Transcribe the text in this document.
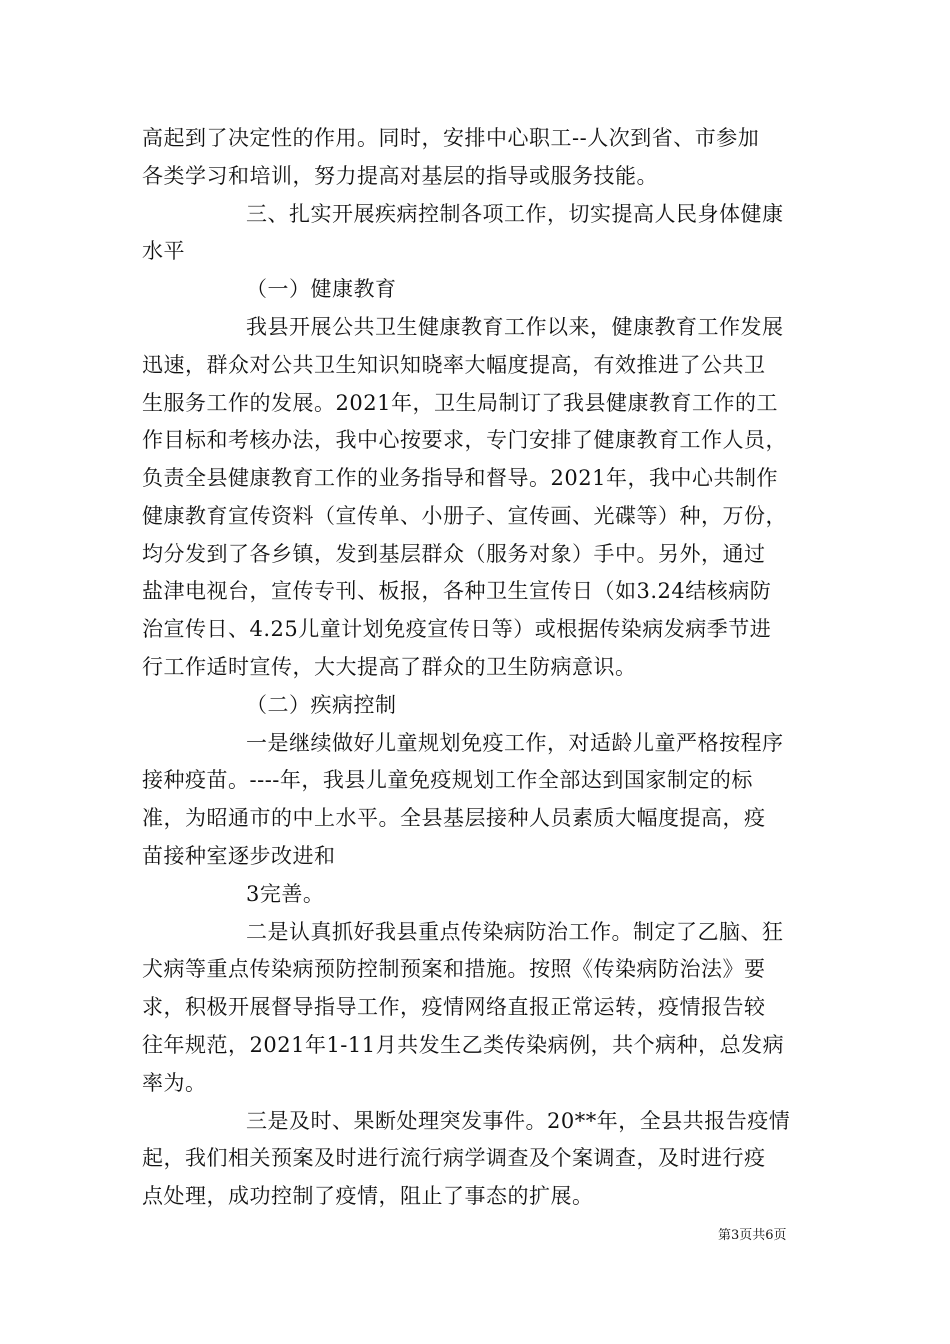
高起到了决定性的作用。同时，安排中心职工--人次到省、市参加
各类学习和培训，努力提高对基层的指导或服务技能。
三、扎实开展疾病控制各项工作，切实提高人民身体健康
水平
（一）健康教育
我县开展公共卫生健康教育工作以来，健康教育工作发展
迅速，群众对公共卫生知识知晓率大幅度提高，有效推进了公共卫
生服务工作的发展。2021年，卫生局制订了我县健康教育工作的工
作目标和考核办法，我中心按要求，专门安排了健康教育工作人员，
负责全县健康教育工作的业务指导和督导。2021年，我中心共制作
健康教育宣传资料（宣传单、小册子、宣传画、光碟等）种，万份，
均分发到了各乡镇，发到基层群众（服务对象）手中。另外，通过
盐津电视台，宣传专刊、板报，各种卫生宣传日（如3.24结核病防
治宣传日、4.25儿童计划免疫宣传日等）或根据传染病发病季节进
行工作适时宣传，大大提高了群众的卫生防病意识。
（二）疾病控制
一是继续做好儿童规划免疫工作，对适龄儿童严格按程序
接种疫苗。----年，我县儿童免疫规划工作全部达到国家制定的标
准，为昭通市的中上水平。全县基层接种人员素质大幅度提高，疫
苗接种室逐步改进和
3完善。
二是认真抓好我县重点传染病防治工作。制定了乙脑、狂
犬病等重点传染病预防控制预案和措施。按照《传染病防治法》要
求，积极开展督导指导工作，疫情网络直报正常运转，疫情报告较
往年规范，2021年1-11月共发生乙类传染病例，共个病种，总发病
率为。
三是及时、果断处理突发事件。20**年，全县共报告疫情
起，我们相关预案及时进行流行病学调查及个案调查，及时进行疫
点处理，成功控制了疫情，阻止了事态的扩展。
第3页共6页
